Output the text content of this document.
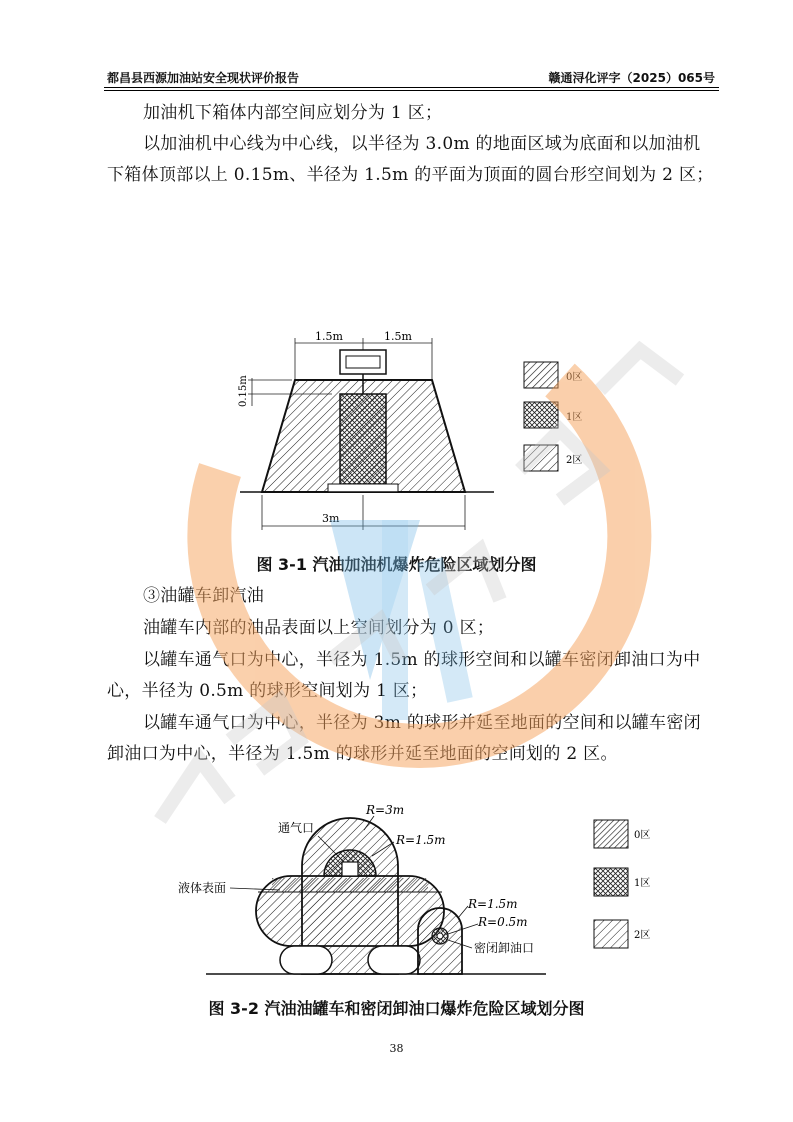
都昌县西源加油站安全现状评价报告	赣通浔化评字（2025）065号
加油机下箱体内部空间应划分为 1 区；
以加油机中心线为中心线，以半径为 3.0m 的地面区域为底面和以加油机下箱体顶部以上 0.15m、半径为 1.5m 的平面为顶面的圆台形空间划为 2 区；
1.5m	1.5m
0.15m
3m
0区
1区
2区
图 3-1 汽油加油机爆炸危险区域划分图
③油罐车卸汽油
油罐车内部的油品表面以上空间划分为 0 区；
以罐车通气口为中心，半径为 1.5m 的球形空间和以罐车密闭卸油口为中心，半径为 0.5m 的球形空间划为 1 区；
以罐车通气口为中心，半径为 3m 的球形并延至地面的空间和以罐车密闭卸油口为中心，半径为 1.5m 的球形并延至地面的空间划的 2 区。
R=3m
通气口
R=1.5m
液体表面
R=1.5m
R=0.5m
密闭卸油口
0区
1区
2区
图 3-2 汽油油罐车和密闭卸油口爆炸危险区域划分图
38
